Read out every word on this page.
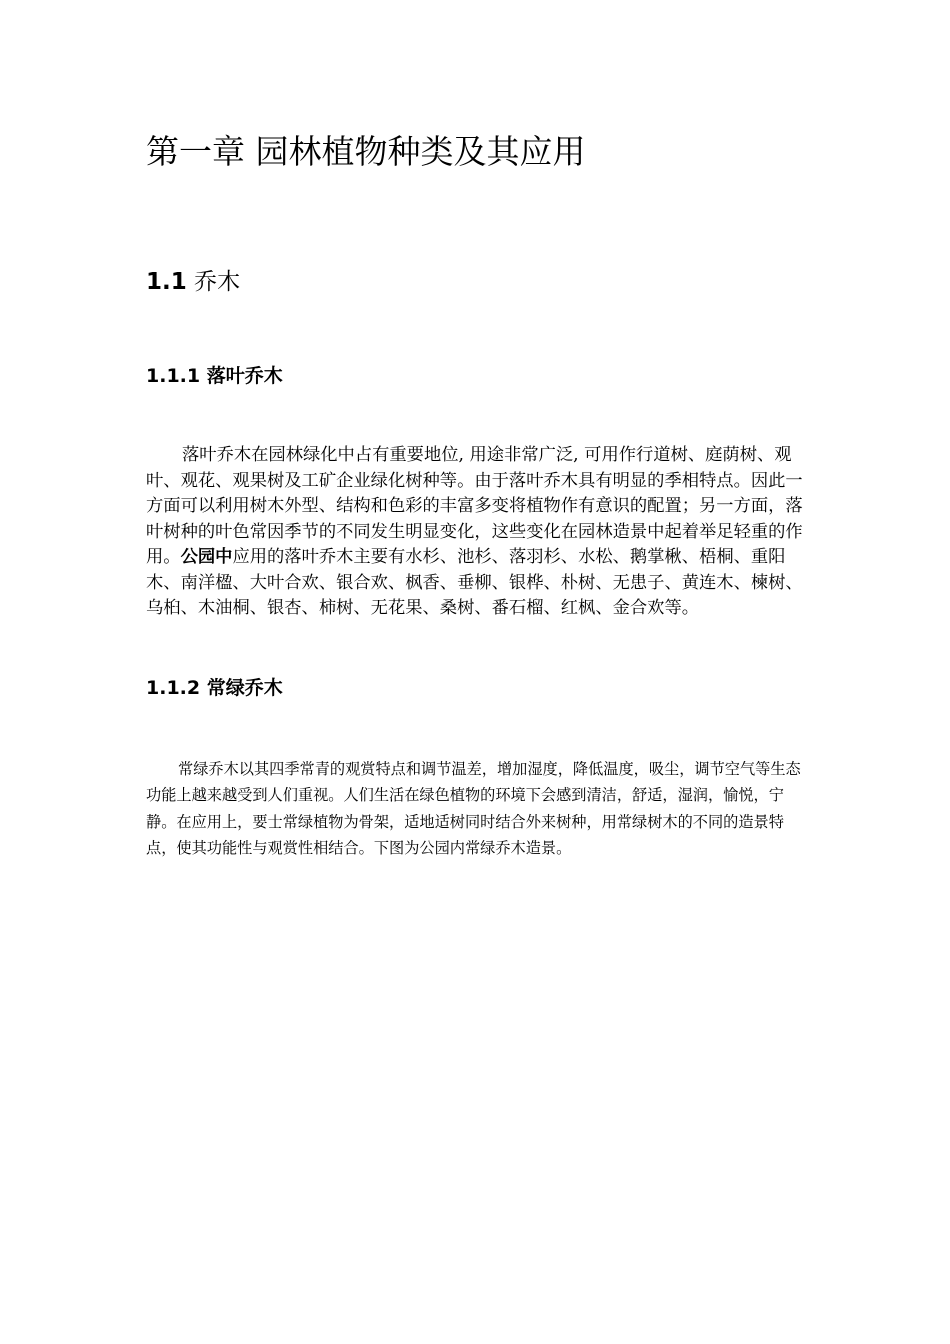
第一章 园林植物种类及其应用
1.1 乔木
1.1.1 落叶乔木

落叶乔木在园林绿化中占有重要地位, 用途非常广泛, 可用作行道树、庭荫树、观叶、观花、观果树及工矿企业绿化树种等。由于落叶乔木具有明显的季相特点。因此一方面可以利用树木外型、结构和色彩的丰富多变将植物作有意识的配置；另一方面，落叶树种的叶色常因季节的不同发生明显变化，这些变化在园林造景中起着举足轻重的作用。公园中应用的落叶乔木主要有水杉、池杉、落羽杉、水松、鹅掌楸、梧桐、重阳木、南洋楹、大叶合欢、银合欢、枫香、垂柳、银桦、朴树、无患子、黄连木、楝树、乌桕、木油桐、银杏、柿树、无花果、桑树、番石榴、红枫、金合欢等。

1.1.2 常绿乔木

常绿乔木以其四季常青的观赏特点和调节温差，增加湿度，降低温度，吸尘，调节空气等生态功能上越来越受到人们重视。人们生活在绿色植物的环境下会感到清洁，舒适，湿润，愉悦，宁静。在应用上，要士常绿植物为骨架，适地适树同时结合外来树种，用常绿树木的不同的造景特点，使其功能性与观赏性相结合。下图为公园内常绿乔木造景。
